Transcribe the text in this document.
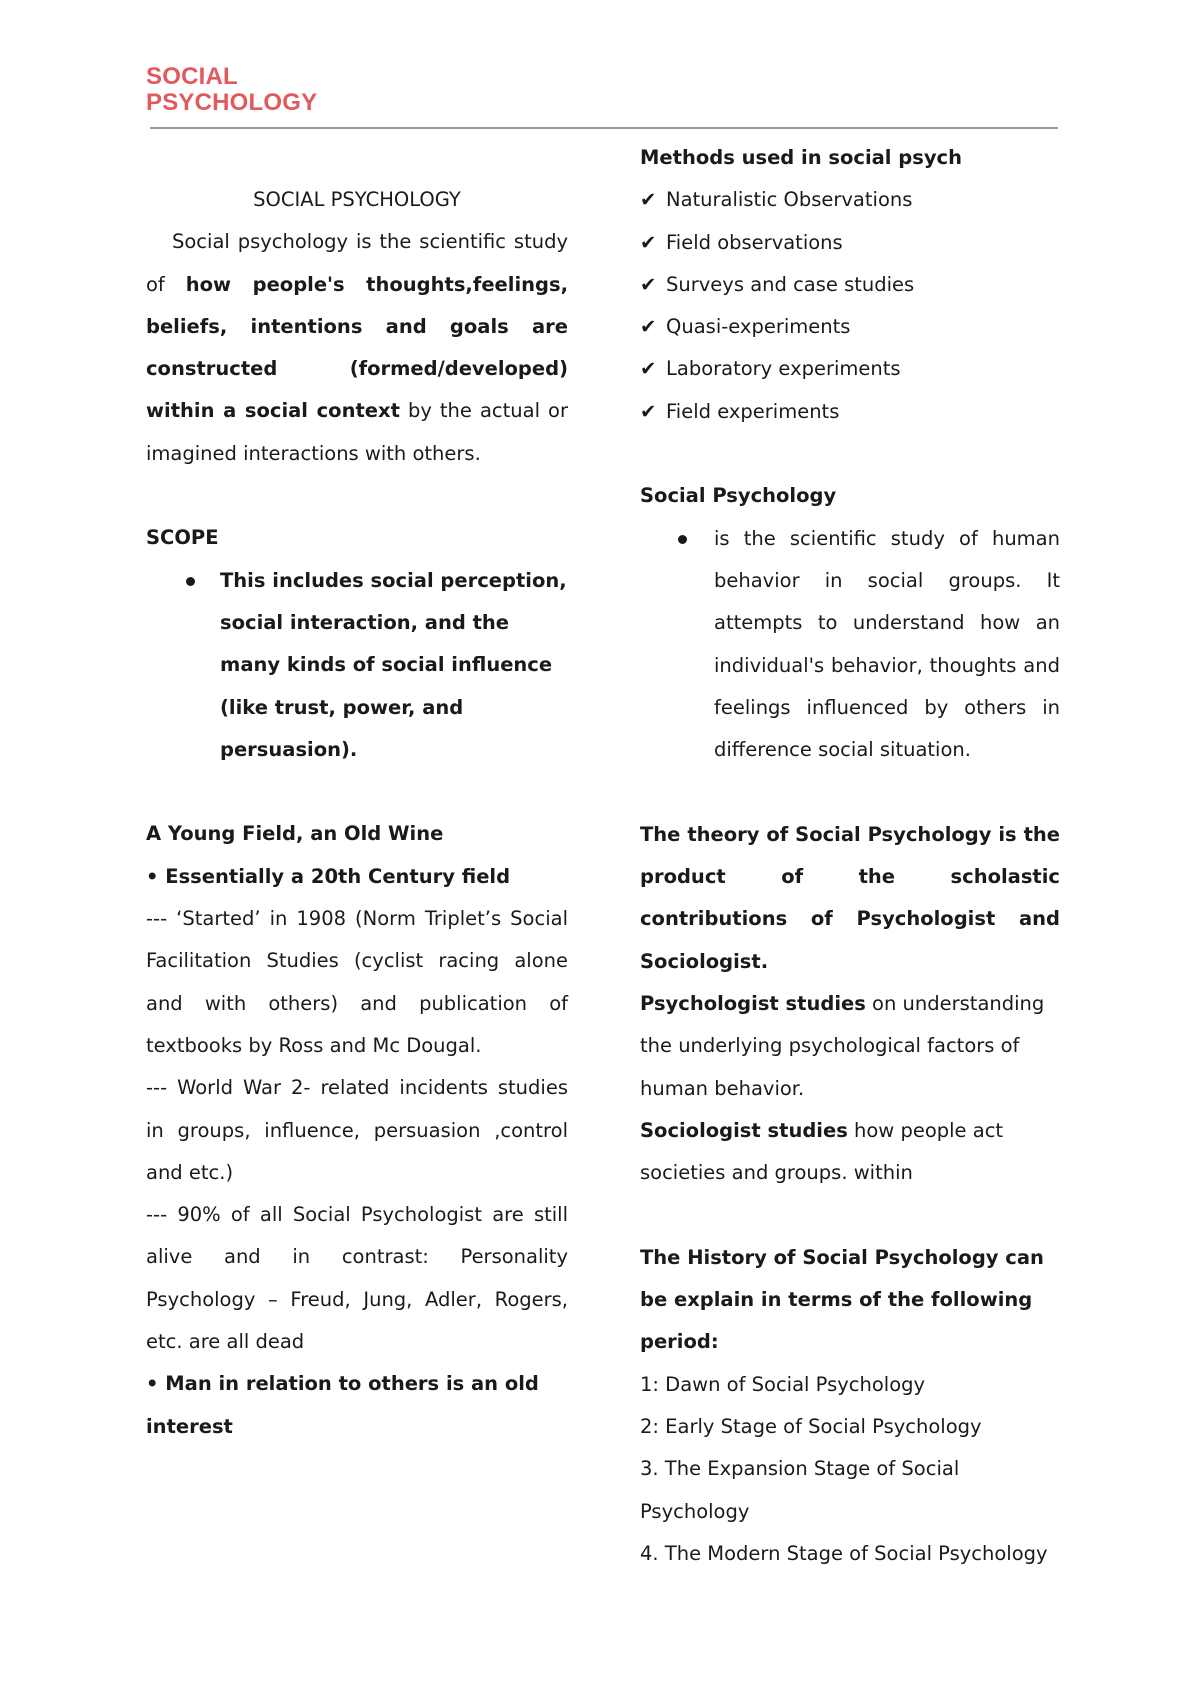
SOCIAL
PSYCHOLOGY

SOCIAL PSYCHOLOGY

Social psychology is the scientific study of how people's thoughts,feelings, beliefs, intentions and goals are constructed (formed/developed) within a social context by the actual or imagined interactions with others.

SCOPE

This includes social perception, social interaction, and the many kinds of social influence (like trust, power, and persuasion).

A Young Field, an Old Wine

• Essentially a 20th Century field

--- ‘Started’ in 1908 (Norm Triplet’s Social Facilitation Studies (cyclist racing alone and with others) and publication of textbooks by Ross and Mc Dougal.

--- World War 2- related incidents studies in groups, influence, persuasion ,control and etc.)

--- 90% of all Social Psychologist are still alive and in contrast: Personality Psychology – Freud, Jung, Adler, Rogers, etc. are all dead

• Man in relation to others is an old interest

Methods used in social psych

✔ Naturalistic Observations

✔ Field observations

✔ Surveys and case studies

✔ Quasi-experiments

✔ Laboratory experiments

✔ Field experiments

Social Psychology

is the scientific study of human behavior in social groups. It attempts to understand how an individual's behavior, thoughts and feelings influenced by others in difference social situation.

The theory of Social Psychology is the product of the scholastic contributions of Psychologist and Sociologist.

Psychologist studies on understanding the underlying psychological factors of human behavior.

Sociologist studies how people act societies and groups. within

The History of Social Psychology can be explain in terms of the following period:

1: Dawn of Social Psychology

2: Early Stage of Social Psychology

3. The Expansion Stage of Social Psychology

4. The Modern Stage of Social Psychology
